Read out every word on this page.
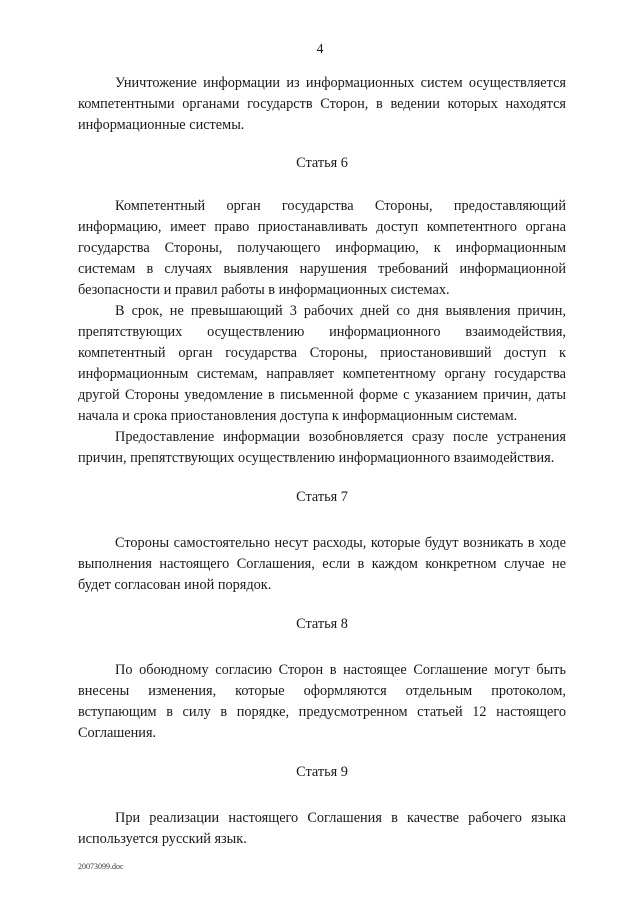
4

Уничтожение информации из информационных систем осуществляется компетентными органами государств Сторон, в ведении которых находятся информационные системы.

Статья 6

Компетентный орган государства Стороны, предоставляющий информацию, имеет право приостанавливать доступ компетентного органа государства Стороны, получающего информацию, к информационным системам в случаях выявления нарушения требований информационной безопасности и правил работы в информационных системах.

В срок, не превышающий 3 рабочих дней со дня выявления причин, препятствующих осуществлению информационного взаимодействия, компетентный орган государства Стороны, приостановивший доступ к информационным системам, направляет компетентному органу государства другой Стороны уведомление в письменной форме с указанием причин, даты начала и срока приостановления доступа к информационным системам.

Предоставление информации возобновляется сразу после устранения причин, препятствующих осуществлению информационного взаимодействия.

Статья 7

Стороны самостоятельно несут расходы, которые будут возникать в ходе выполнения настоящего Соглашения, если в каждом конкретном случае не будет согласован иной порядок.

Статья 8

По обоюдному согласию Сторон в настоящее Соглашение могут быть внесены изменения, которые оформляются отдельным протоколом, вступающим в силу в порядке, предусмотренном статьей 12 настоящего Соглашения.

Статья 9

При реализации настоящего Соглашения в качестве рабочего языка используется русский язык.

20073099.doc
